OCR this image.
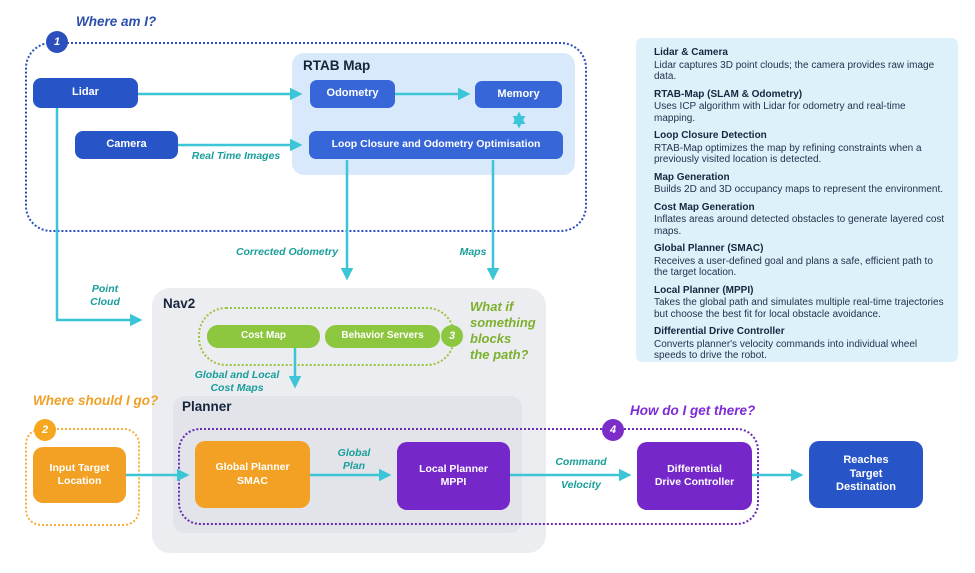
RTAB Map
Nav2
Planner
Lidar & Camera
Lidar captures 3D point clouds; the camera provides raw image data.
RTAB-Map (SLAM & Odometry)
Uses ICP algorithm with Lidar for odometry and real-time mapping.
Loop Closure Detection
RTAB-Map optimizes the map by refining constraints when a previously visited location is detected.
Map Generation
Builds 2D and 3D occupancy maps to represent the environment.
Cost Map Generation
Inflates areas around detected obstacles to generate layered cost maps.
Global Planner (SMAC)
Receives a user-defined goal and plans a safe, efficient path to the target location.
Local Planner (MPPI)
Takes the global path and simulates multiple real-time trajectories but choose the best fit for local obstacle avoidance.
Differential Drive Controller
Converts planner's velocity commands into individual wheel speeds to drive the robot.
Lidar
Camera
Odometry	Memory
Loop Closure and Odometry Optimisation
Cost Map	Behavior Servers
Input Target Location
Global Planner SMAC
Local Planner MPPI
Differential Drive Controller
Reaches Target Destination
1
2
3
4
Where am I?
Where should I go?
What if
something
blocks
the path?
How do I get there?
Real Time Images
Point Cloud
Corrected Odometry	Maps
Global and Local Cost Maps
Global Plan	Command
Velocity
